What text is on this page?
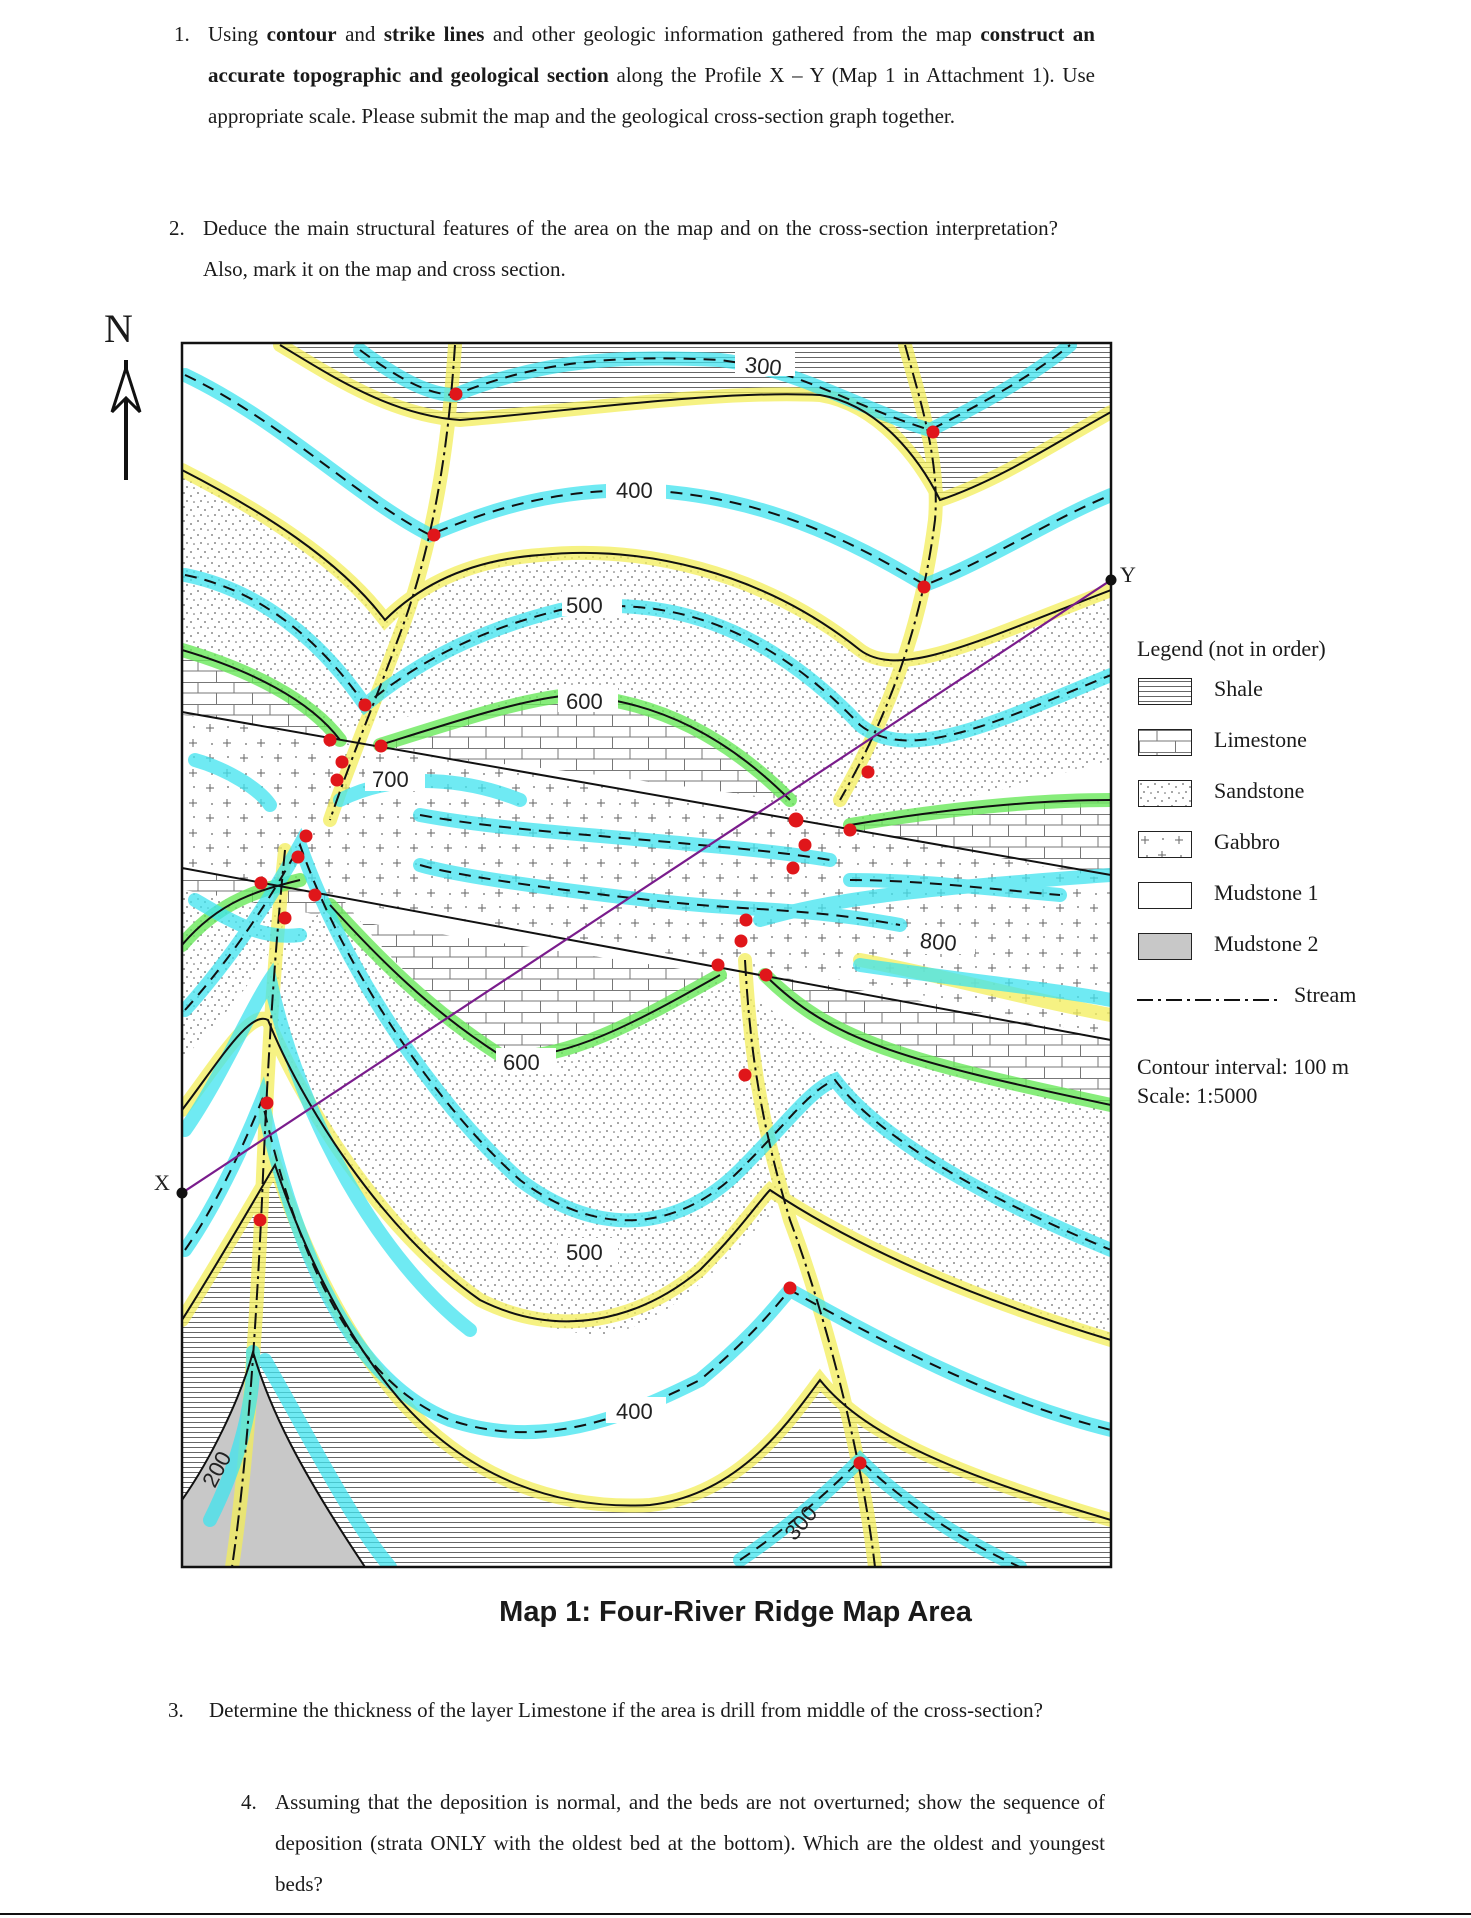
1. Using contour and strike lines and other geologic information gathered from the map construct an accurate topographic and geological section along the Profile X – Y (Map 1 in Attachment 1). Use appropriate scale. Please submit the map and the geological cross-section graph together.
2. Deduce the main structural features of the area on the map and on the cross-section interpretation? Also, mark it on the map and cross section.
N
300
400
500
600
700
800
600
500
400
300
200
X
Y
Legend (not in order)
Shale
Limestone
Sandstone
Gabbro
Mudstone 1
Mudstone 2
Stream
Contour interval: 100 m
Scale: 1:5000
Map 1: Four-River Ridge Map Area
3. Determine the thickness of the layer Limestone if the area is drill from middle of the cross-section?
4. Assuming that the deposition is normal, and the beds are not overturned; show the sequence of deposition (strata ONLY with the oldest bed at the bottom). Which are the oldest and youngest beds?
